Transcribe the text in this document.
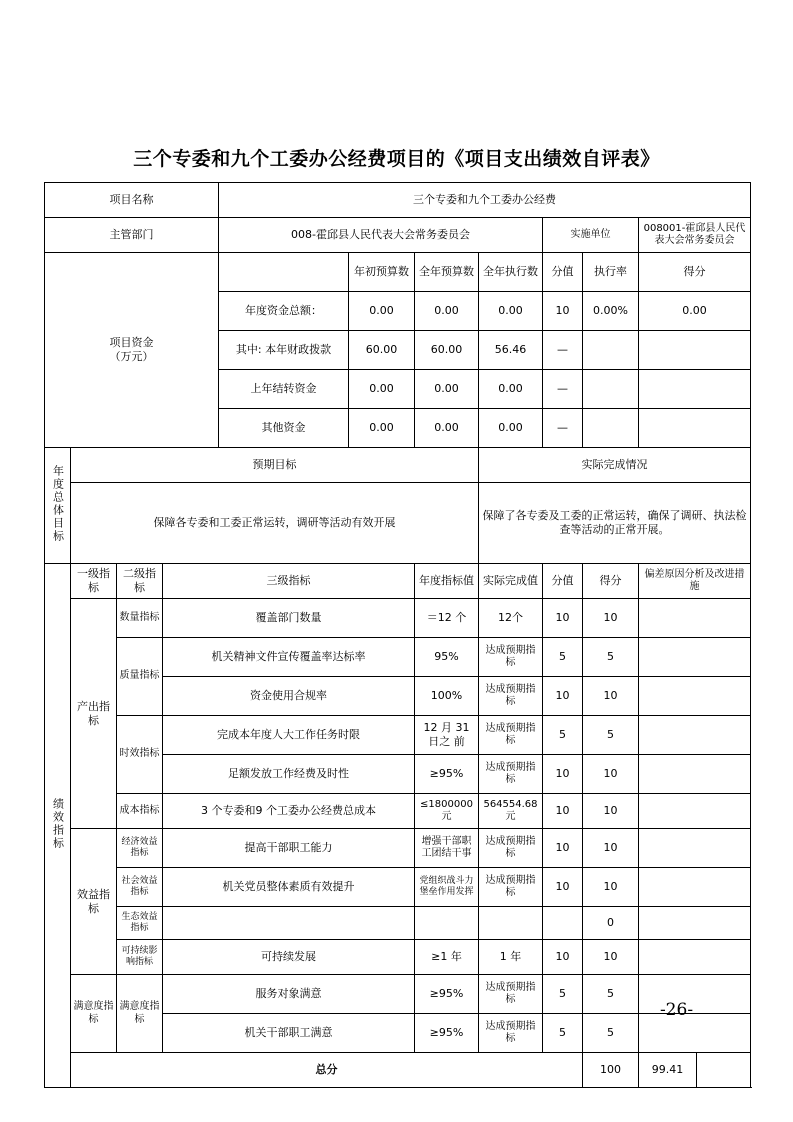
三个专委和九个工委办公经费项目的《项目支出绩效自评表》
项目名称				三个专委和九个工委办公经费							
主管部门				008-霍邱县人民代表大会常务委员会				实施单位		008001-霍邱县人民代表大会常务委员会	

项目资金
（万元）					年初预算数	全年预算数	全年执行数	分值	执行率	得分	
				年度资金总额：	0.00	0.00	0.00	10	0.00%	0.00	
				其中: 本年财政拨款	60.00	60.00	56.46	—			
				上年结转资金	0.00	0.00	0.00	—			
				其他资金	0.00	0.00	0.00	—			
年度总体目标	预期目标						实际完成情况				
	保障各专委和工委正常运转，调研等活动有效开展						保障了各专委及工委的正常运转，确保了调研、执法检查等活动的正常开展。				
绩效指标	一级指标	二级指标	三级指标			年度指标值	实际完成值	分值	得分	偏差原因分析及改进措施	
	产出指标	数量指标	覆盖部门数量			＝12 个	12个	10	10		
		质量指标	机关精神文件宣传覆盖率达标率			95%	达成预期指标	5	5		
			资金使用合规率			100%	达成预期指标	10	10		
		时效指标	完成本年度人大工作任务时限			12 月 31 日之 前	达成预期指标	5	5		
			足额发放工作经费及时性			≥95%	达成预期指标	10	10		
		成本指标	3 个专委和9 个工委办公经费总成本			≤1800000 元	564554.68 元	10	10		
	效益指标	经济效益指标	提高干部职工能力			增强干部职工团结干事	达成预期指标	10	10		
		社会效益指标	机关党员整体素质有效提升			党组织战斗力堡垒作用发挥	达成预期指标	10	10		
		生态效益指标							0		
		可持续影响指标	可持续发展			≥1 年	1 年	10	10		
	满意度指标	满意度指标	服务对象满意			≥95%	达成预期指标	5	5		
			机关干部职工满意			≥95%	达成预期指标	5	5		
	总分								100	99.41	
-26-
